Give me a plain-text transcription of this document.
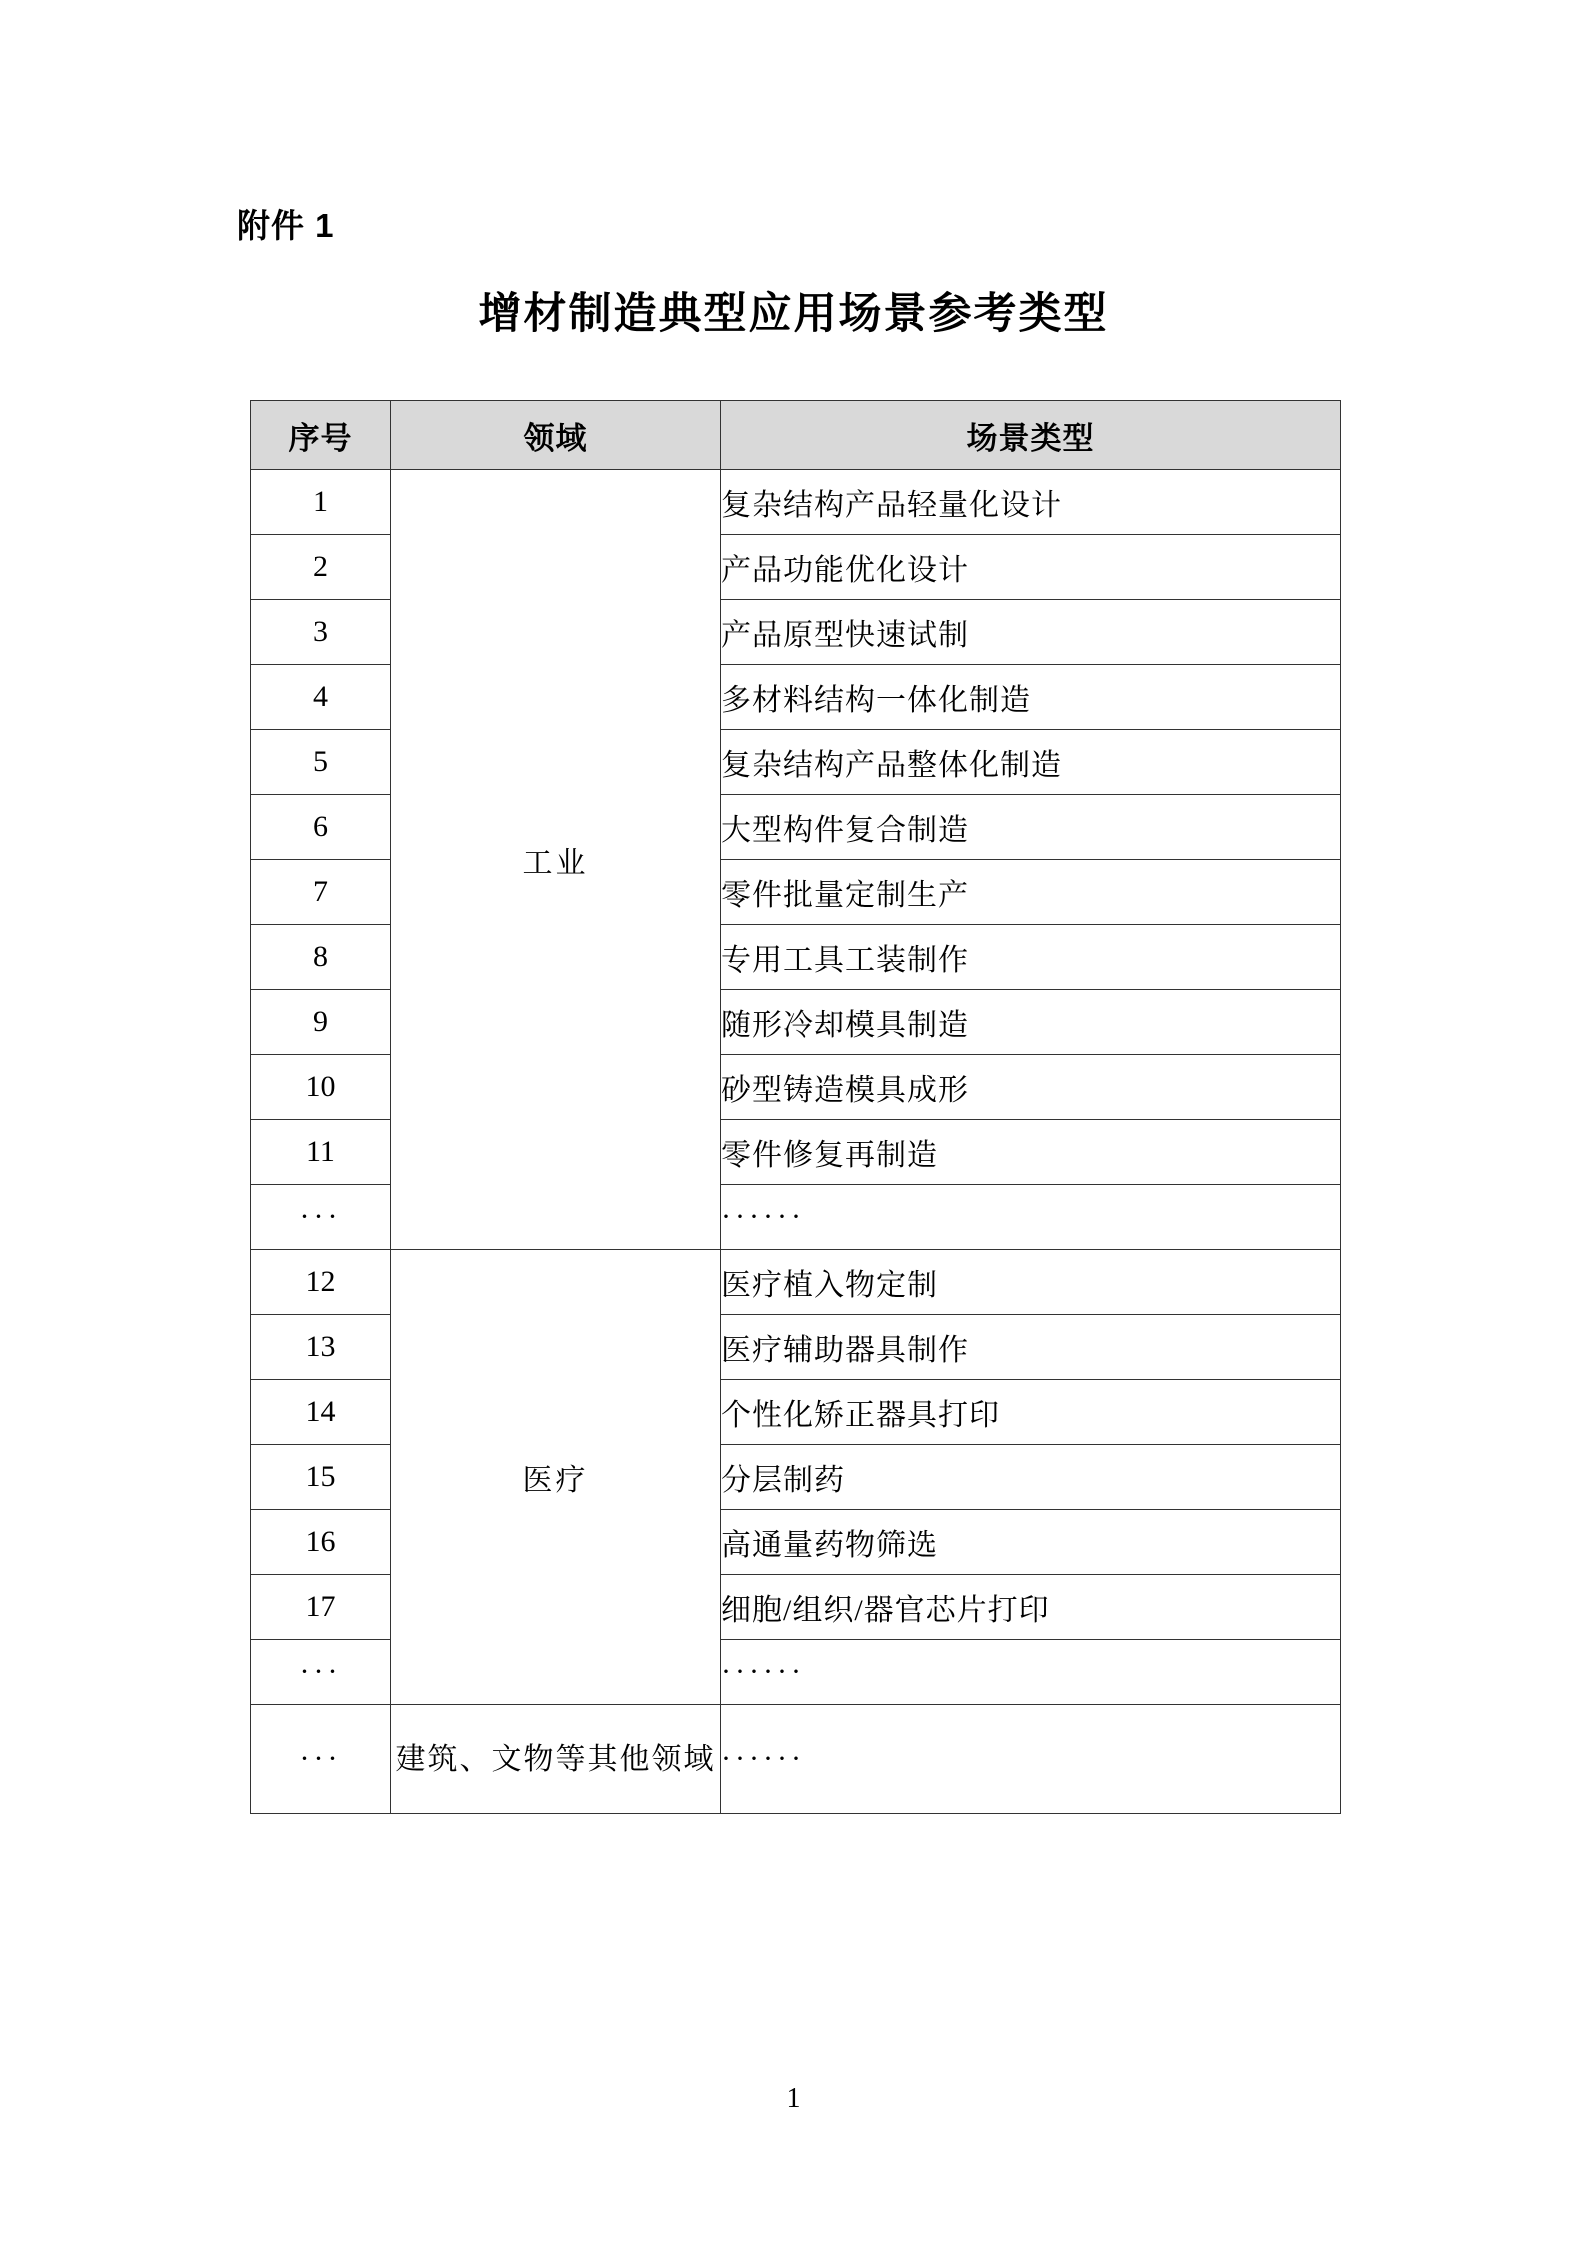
附件 1
增材制造典型应用场景参考类型
序号	领域	场景类型
1	工业	复杂结构产品轻量化设计
2		产品功能优化设计
3		产品原型快速试制
4		多材料结构一体化制造
5		复杂结构产品整体化制造
6		大型构件复合制造
7		零件批量定制生产
8		专用工具工装制作
9		随形冷却模具制造
10		砂型铸造模具成形
11		零件修复再制造
···		······
12	医疗	医疗植入物定制
13		医疗辅助器具制作
14		个性化矫正器具打印
15		分层制药
16		高通量药物筛选
17		细胞/组织/器官芯片打印
···		······
···	建筑、文物等其他领域	······
1
